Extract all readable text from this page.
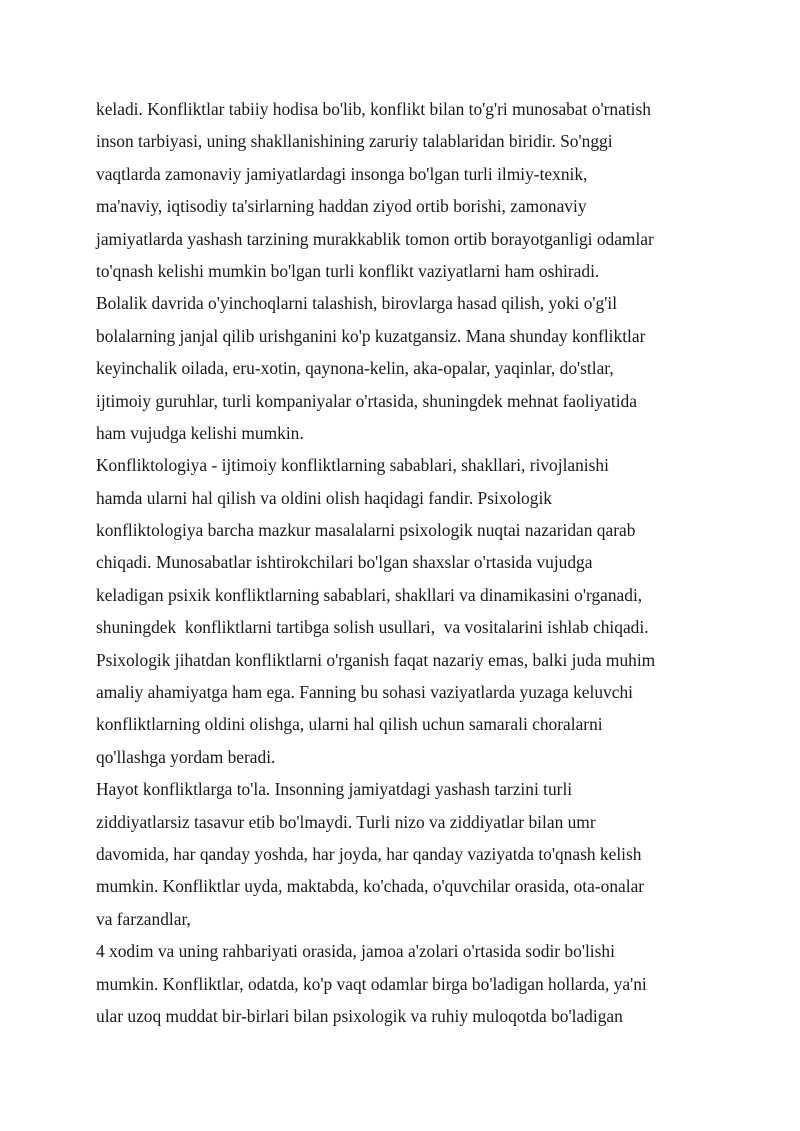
keladi. Konfliktlar tabiiy hodisa bo'lib, konflikt bilan to'g'ri munosabat o'rnatish
inson tarbiyasi, uning shakllanishining zaruriy talablaridan biridir. So'nggi
vaqtlarda zamonaviy jamiyatlardagi insonga bo'lgan turli ilmiy-texnik,
ma'naviy, iqtisodiy ta'sirlarning haddan ziyod ortib borishi, zamonaviy
jamiyatlarda yashash tarzining murakkablik tomon ortib borayotganligi odamlar
to'qnash kelishi mumkin bo'lgan turli konflikt vaziyatlarni ham oshiradi.
Bolalik davrida o'yinchoqlarni talashish, birovlarga hasad qilish, yoki o'g'il
bolalarning janjal qilib urishganini ko'p kuzatgansiz. Mana shunday konfliktlar
keyinchalik oilada, eru-xotin, qaynona-kelin, aka-opalar, yaqinlar, do'stlar,
ijtimoiy guruhlar, turli kompaniyalar o'rtasida, shuningdek mehnat faoliyatida
ham vujudga kelishi mumkin.
Konfliktologiya - ijtimoiy konfliktlarning sabablari, shakllari, rivojlanishi
hamda ularni hal qilish va oldini olish haqidagi fandir. Psixologik
konfliktologiya barcha mazkur masalalarni psixologik nuqtai nazaridan qarab
chiqadi. Munosabatlar ishtirokchilari bo'lgan shaxslar o'rtasida vujudga
keladigan psixik konfliktlarning sabablari, shakllari va dinamikasini o'rganadi,
shuningdek  konfliktlarni tartibga solish usullari,  va vositalarini ishlab chiqadi.
Psixologik jihatdan konfliktlarni o'rganish faqat nazariy emas, balki juda muhim
amaliy ahamiyatga ham ega. Fanning bu sohasi vaziyatlarda yuzaga keluvchi
konfliktlarning oldini olishga, ularni hal qilish uchun samarali choralarni
qo'llashga yordam beradi.
Hayot konfliktlarga to'la. Insonning jamiyatdagi yashash tarzini turli
ziddiyatlarsiz tasavur etib bo'lmaydi. Turli nizo va ziddiyatlar bilan umr
davomida, har qanday yoshda, har joyda, har qanday vaziyatda to'qnash kelish
mumkin. Konfliktlar uyda, maktabda, ko'chada, o'quvchilar orasida, ota-onalar
va farzandlar,
4 xodim va uning rahbariyati orasida, jamoa a'zolari o'rtasida sodir bo'lishi
mumkin. Konfliktlar, odatda, ko'p vaqt odamlar birga bo'ladigan hollarda, ya'ni
ular uzoq muddat bir-birlari bilan psixologik va ruhiy muloqotda bo'ladigan
